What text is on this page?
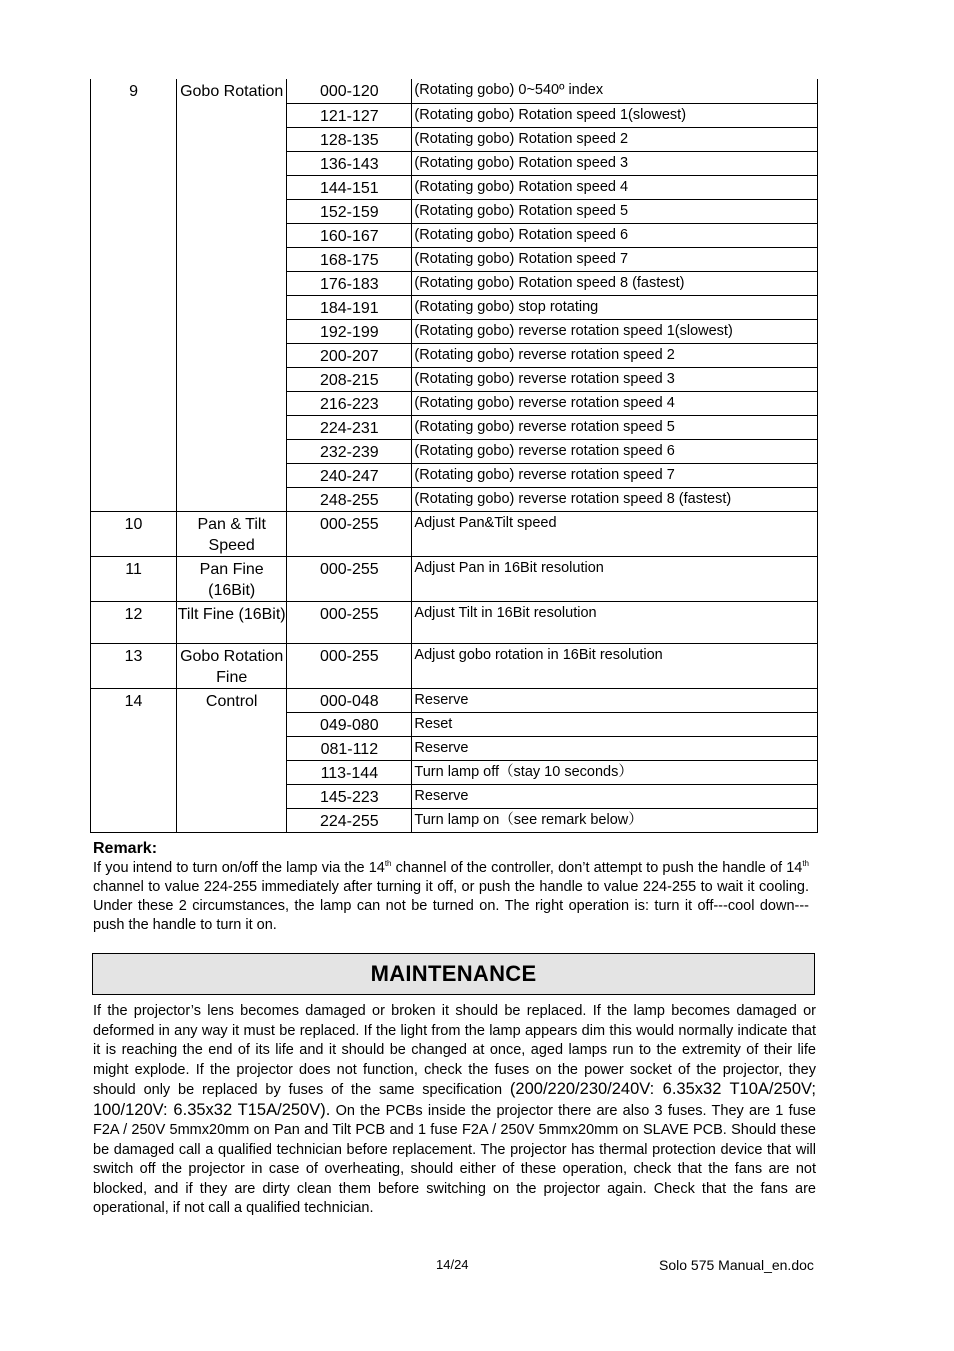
9	Gobo Rotation	000-120	(Rotating gobo) 0~540º index
		121-127	(Rotating gobo) Rotation speed 1(slowest)
		128-135	(Rotating gobo) Rotation speed 2
		136-143	(Rotating gobo) Rotation speed 3
		144-151	(Rotating gobo) Rotation speed 4
		152-159	(Rotating gobo) Rotation speed 5
		160-167	(Rotating gobo) Rotation speed 6
		168-175	(Rotating gobo) Rotation speed 7
		176-183	(Rotating gobo) Rotation speed 8 (fastest)
		184-191	(Rotating gobo) stop rotating
		192-199	(Rotating gobo) reverse rotation speed 1(slowest)
		200-207	(Rotating gobo) reverse rotation speed 2
		208-215	(Rotating gobo) reverse rotation speed 3
		216-223	(Rotating gobo) reverse rotation speed 4
		224-231	(Rotating gobo) reverse rotation speed 5
		232-239	(Rotating gobo) reverse rotation speed 6
		240-247	(Rotating gobo) reverse rotation speed 7
		248-255	(Rotating gobo) reverse rotation speed 8 (fastest)
10	Pan & Tilt Speed	000-255	Adjust Pan&Tilt speed
11	Pan Fine (16Bit)	000-255	Adjust Pan in 16Bit resolution
12	Tilt Fine (16Bit)	000-255	Adjust Tilt in 16Bit resolution
13	Gobo Rotation Fine	000-255	Adjust gobo rotation in 16Bit resolution
14	Control	000-048	Reserve
		049-080	Reset
		081-112	Reserve
		113-144	Turn lamp off（stay 10 seconds）
		145-223	Reserve
		224-255	Turn lamp on（see remark below）
Remark:
If you intend to turn on/off the lamp via the 14th channel of the controller, don’t attempt to push the handle of 14th channel to value 224-255 immediately after turning it off, or push the handle to value 224-255 to wait it cooling. Under these 2 circumstances, the lamp can not be turned on. The right operation is: turn it off---cool down---push the handle to turn it on.
MAINTENANCE
If the projector’s lens becomes damaged or broken it should be replaced. If the lamp becomes damaged or deformed in any way it must be replaced. If the light from the lamp appears dim this would normally indicate that it is reaching the end of its life and it should be changed at once, aged lamps run to the extremity of their life might explode. If the projector does not function, check the fuses on the power socket of the projector, they should only be replaced by fuses of the same specification (200/220/230/240V: 6.35x32 T10A/250V; 100/120V: 6.35x32 T15A/250V). On the PCBs inside the projector there are also 3 fuses. They are 1 fuse F2A / 250V 5mmx20mm on Pan and Tilt PCB and 1 fuse F2A / 250V 5mmx20mm on SLAVE PCB. Should these be damaged call a qualified technician before replacement. The projector has thermal protection device that will switch off the projector in case of overheating, should either of these operation, check that the fans are not blocked, and if they are dirty clean them before switching on the projector again. Check that the fans are operational, if not call a qualified technician.
14/24	Solo 575 Manual_en.doc
